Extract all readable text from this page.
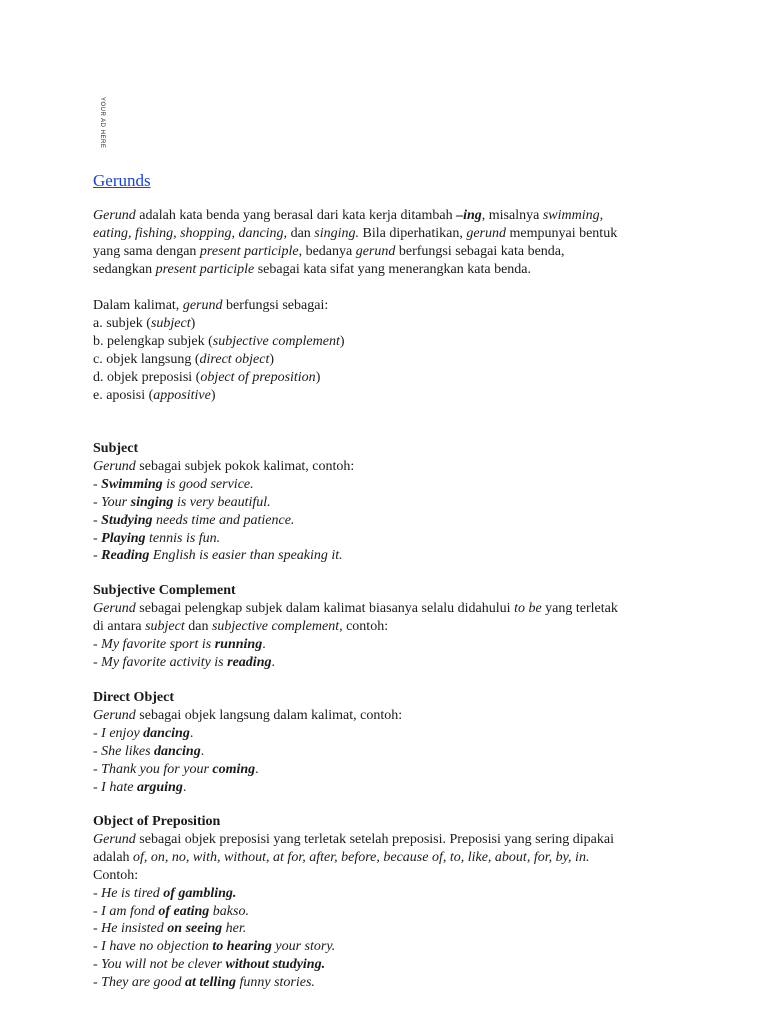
YOUR AD HERE
Gerunds
Gerund adalah kata benda yang berasal dari kata kerja ditambah –ing, misalnya swimming,
eating, fishing, shopping, dancing, dan singing. Bila diperhatikan, gerund mempunyai bentuk
yang sama dengan present participle, bedanya gerund berfungsi sebagai kata benda,
sedangkan present participle sebagai kata sifat yang menerangkan kata benda.
Dalam kalimat, gerund berfungsi sebagai:
a. subjek (subject)
b. pelengkap subjek (subjective complement)
c. objek langsung (direct object)
d. objek preposisi (object of preposition)
e. aposisi (appositive)
Subject
Gerund sebagai subjek pokok kalimat, contoh:
- Swimming is good service.
- Your singing is very beautiful.
- Studying needs time and patience.
- Playing tennis is fun.
- Reading English is easier than speaking it.
Subjective Complement
Gerund sebagai pelengkap subjek dalam kalimat biasanya selalu didahului to be yang terletak
di antara subject dan subjective complement, contoh:
- My favorite sport is running.
- My favorite activity is reading.
Direct Object
Gerund sebagai objek langsung dalam kalimat, contoh:
- I enjoy dancing.
- She likes dancing.
- Thank you for your coming.
- I hate arguing.
Object of Preposition
Gerund sebagai objek preposisi yang terletak setelah preposisi. Preposisi yang sering dipakai
adalah of, on, no, with, without, at for, after, before, because of, to, like, about, for, by, in.
Contoh:
- He is tired of gambling.
- I am fond of eating bakso.
- He insisted on seeing her.
- I have no objection to hearing your story.
- You will not be clever without studying.
- They are good at telling funny stories.
